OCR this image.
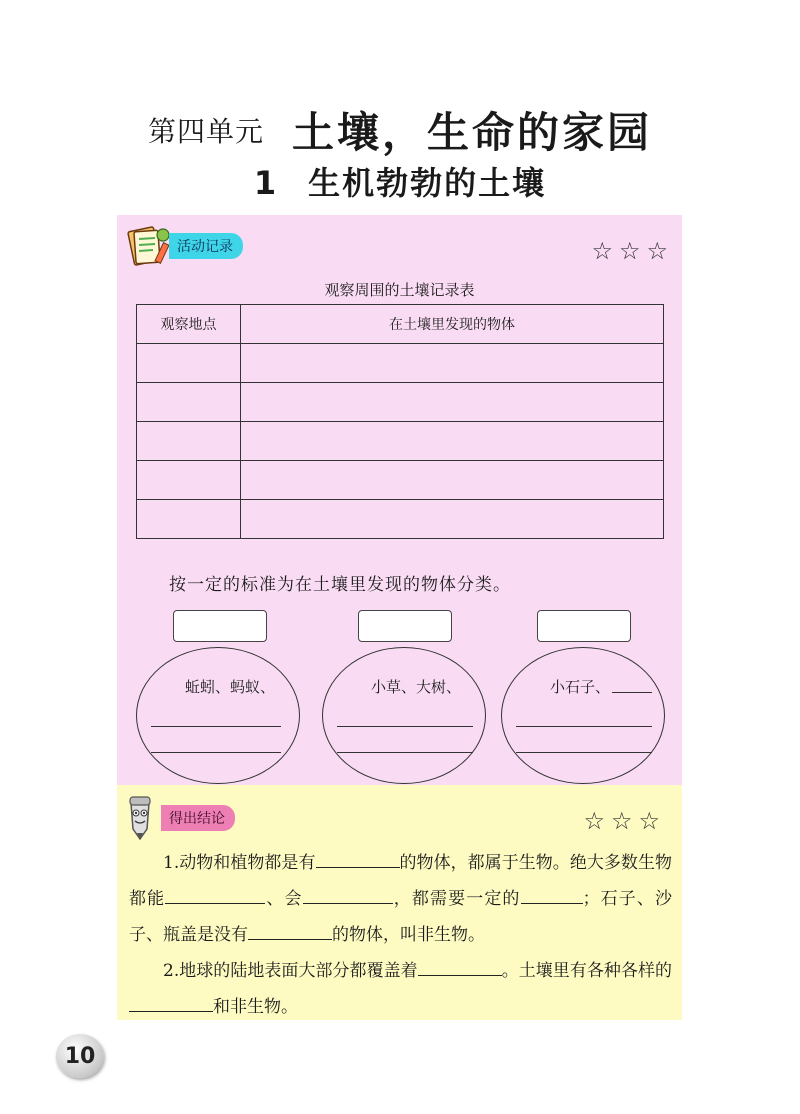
第四单元 土壤，生命的家园
1 生机勃勃的土壤
活动记录	☆☆☆
观察周围的土壤记录表
观察地点	在土壤里发现的物体

按一定的标准为在土壤里发现的物体分类。
蚯蚓、蚂蚁、	小草、大树、	小石子、
得出结论	☆☆☆
1.动物和植物都是有	的物体，都属于生物。绝大多数生物都能	、会	，都需要一定的	；石子、沙子、瓶盖是没有	的物体，叫非生物。
2.地球的陆地表面大部分都覆盖着	。土壤里有各种各样的和非生物。
10
